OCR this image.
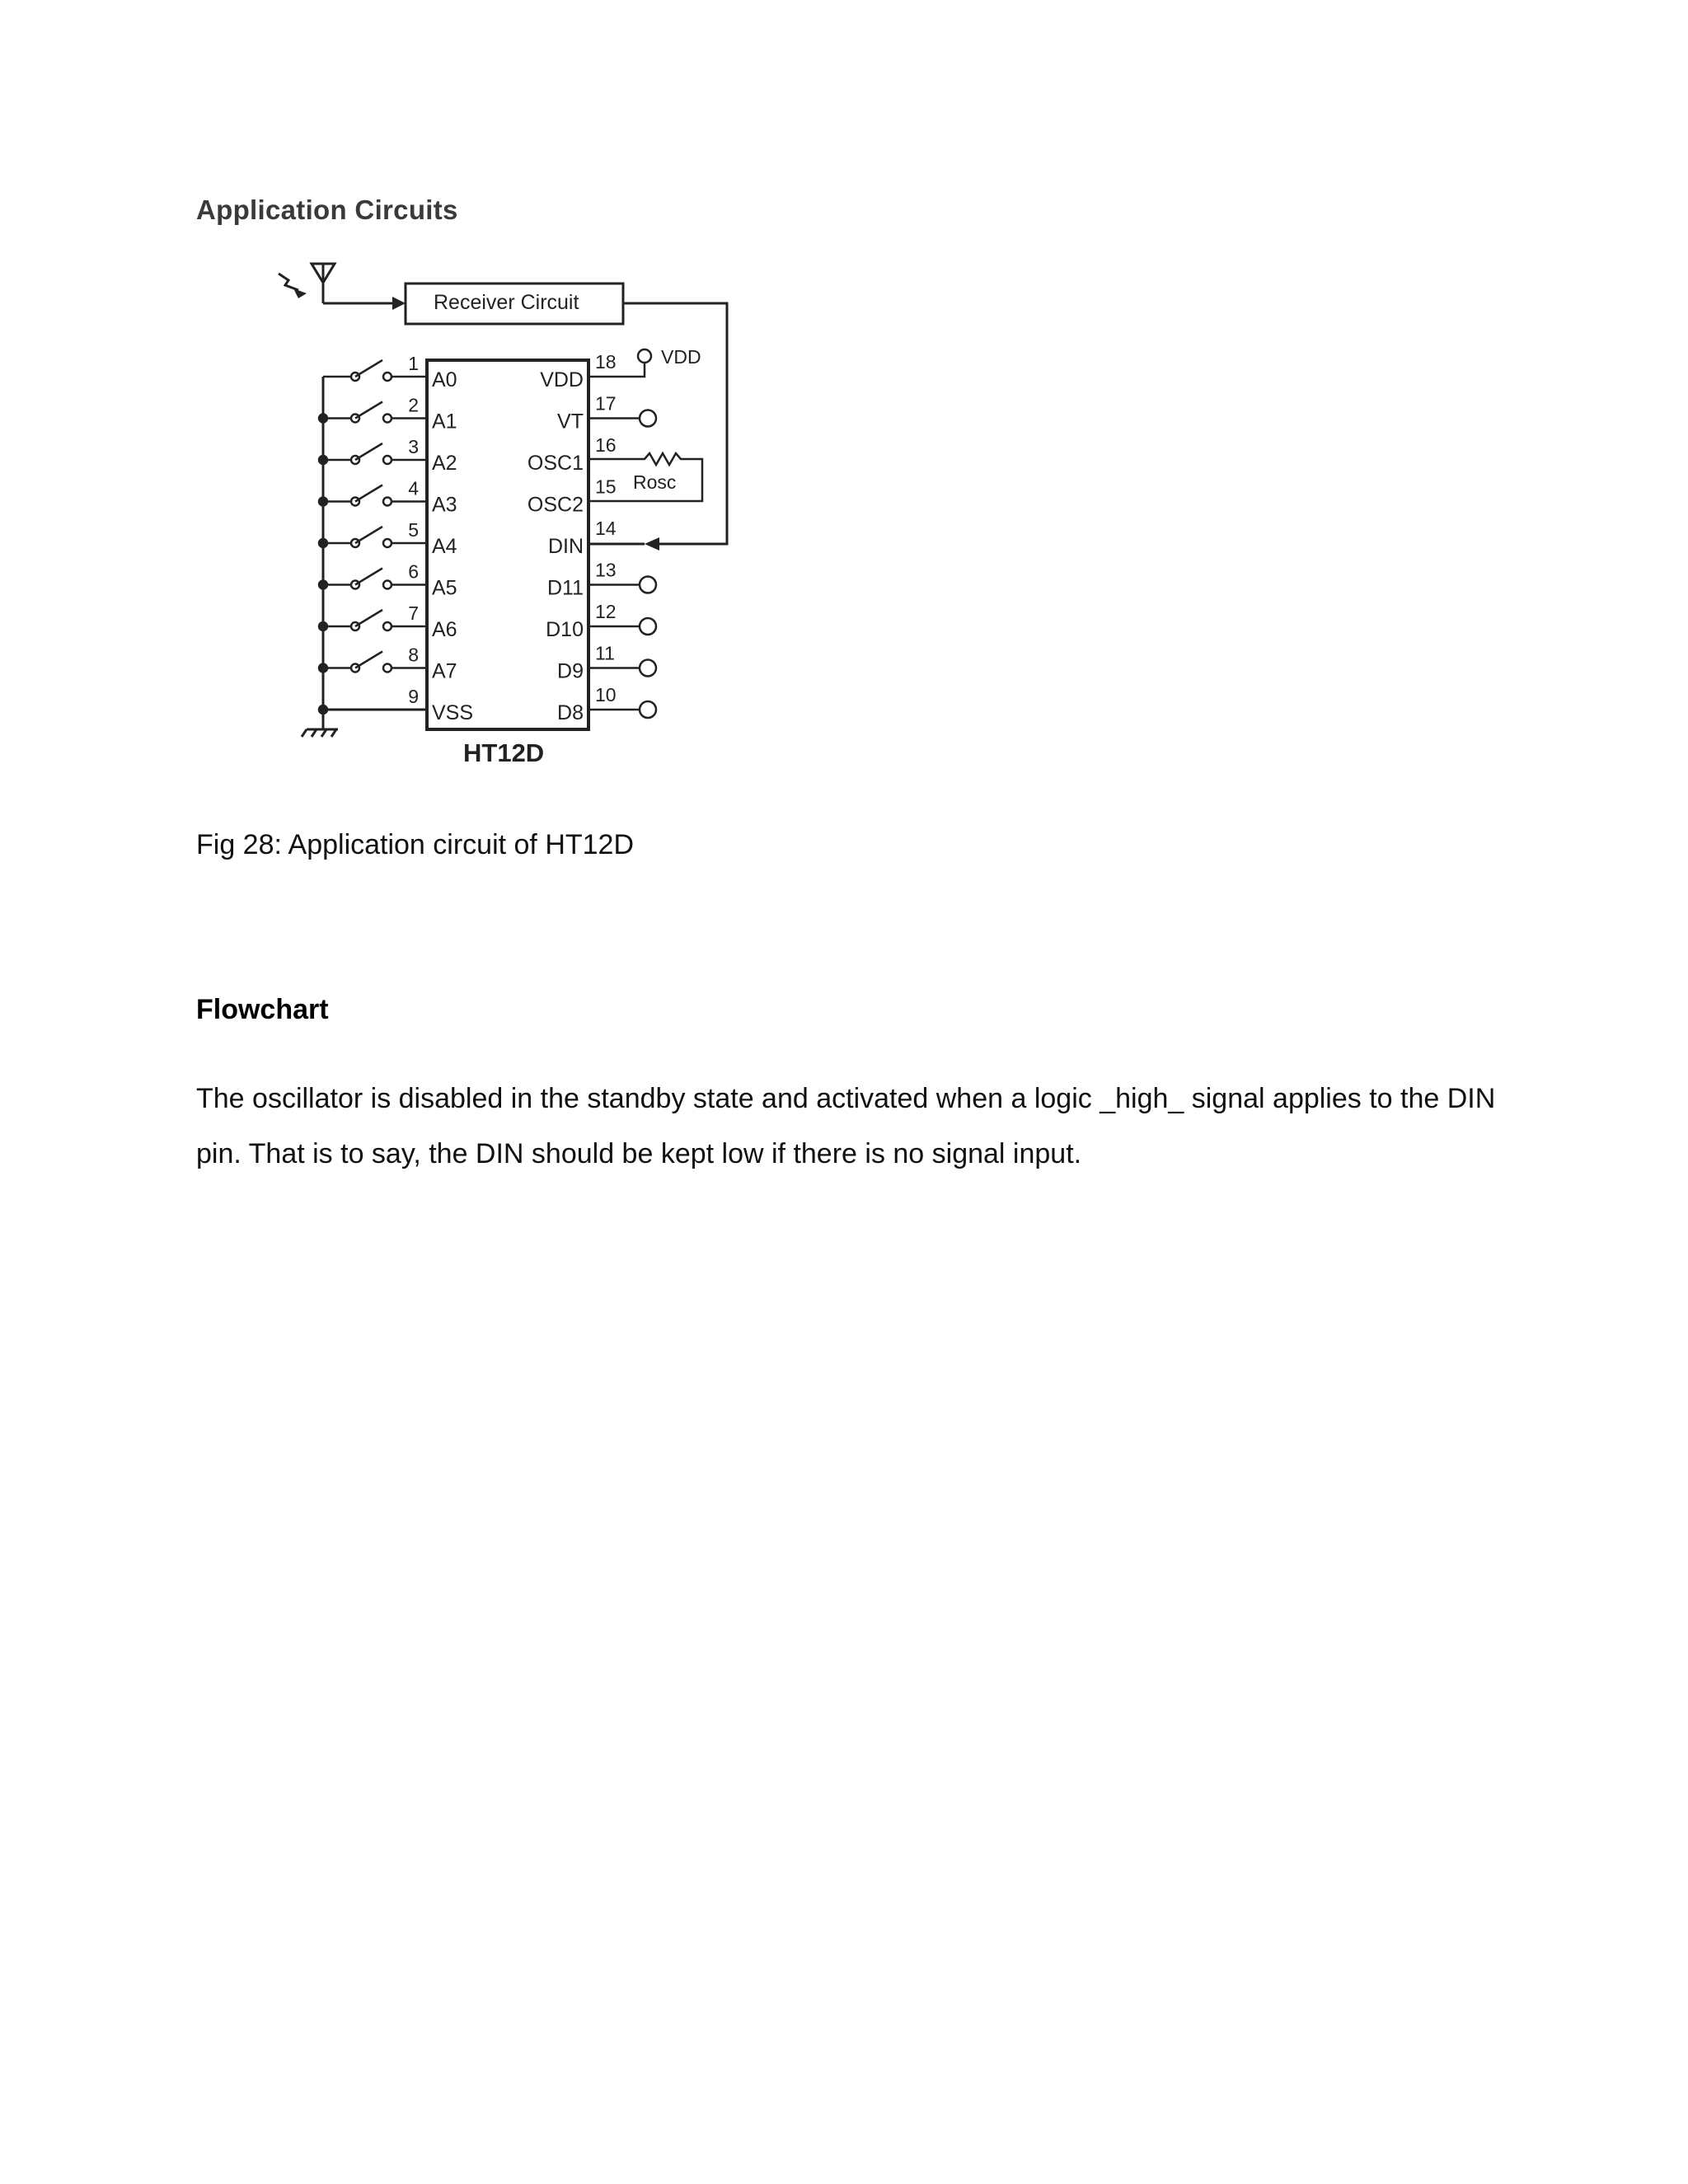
Application Circuits
Receiver Circuit
VDD
Rosc
HT12D
1
A0
2
A1
3
A2
4
A3
5
A4
6
A5
7
A6
8
A7
9
VSS
18
VDD
17
VT
16
OSC1
15
OSC2
14
DIN
13
D11
12
D10
11
D9
10
D8
Fig 28: Application circuit of HT12D
Flowchart

The oscillator is disabled in the standby state and activated when a logic _high_ signal applies to the DIN pin. That is to say, the DIN should be kept low if there is no signal input.
